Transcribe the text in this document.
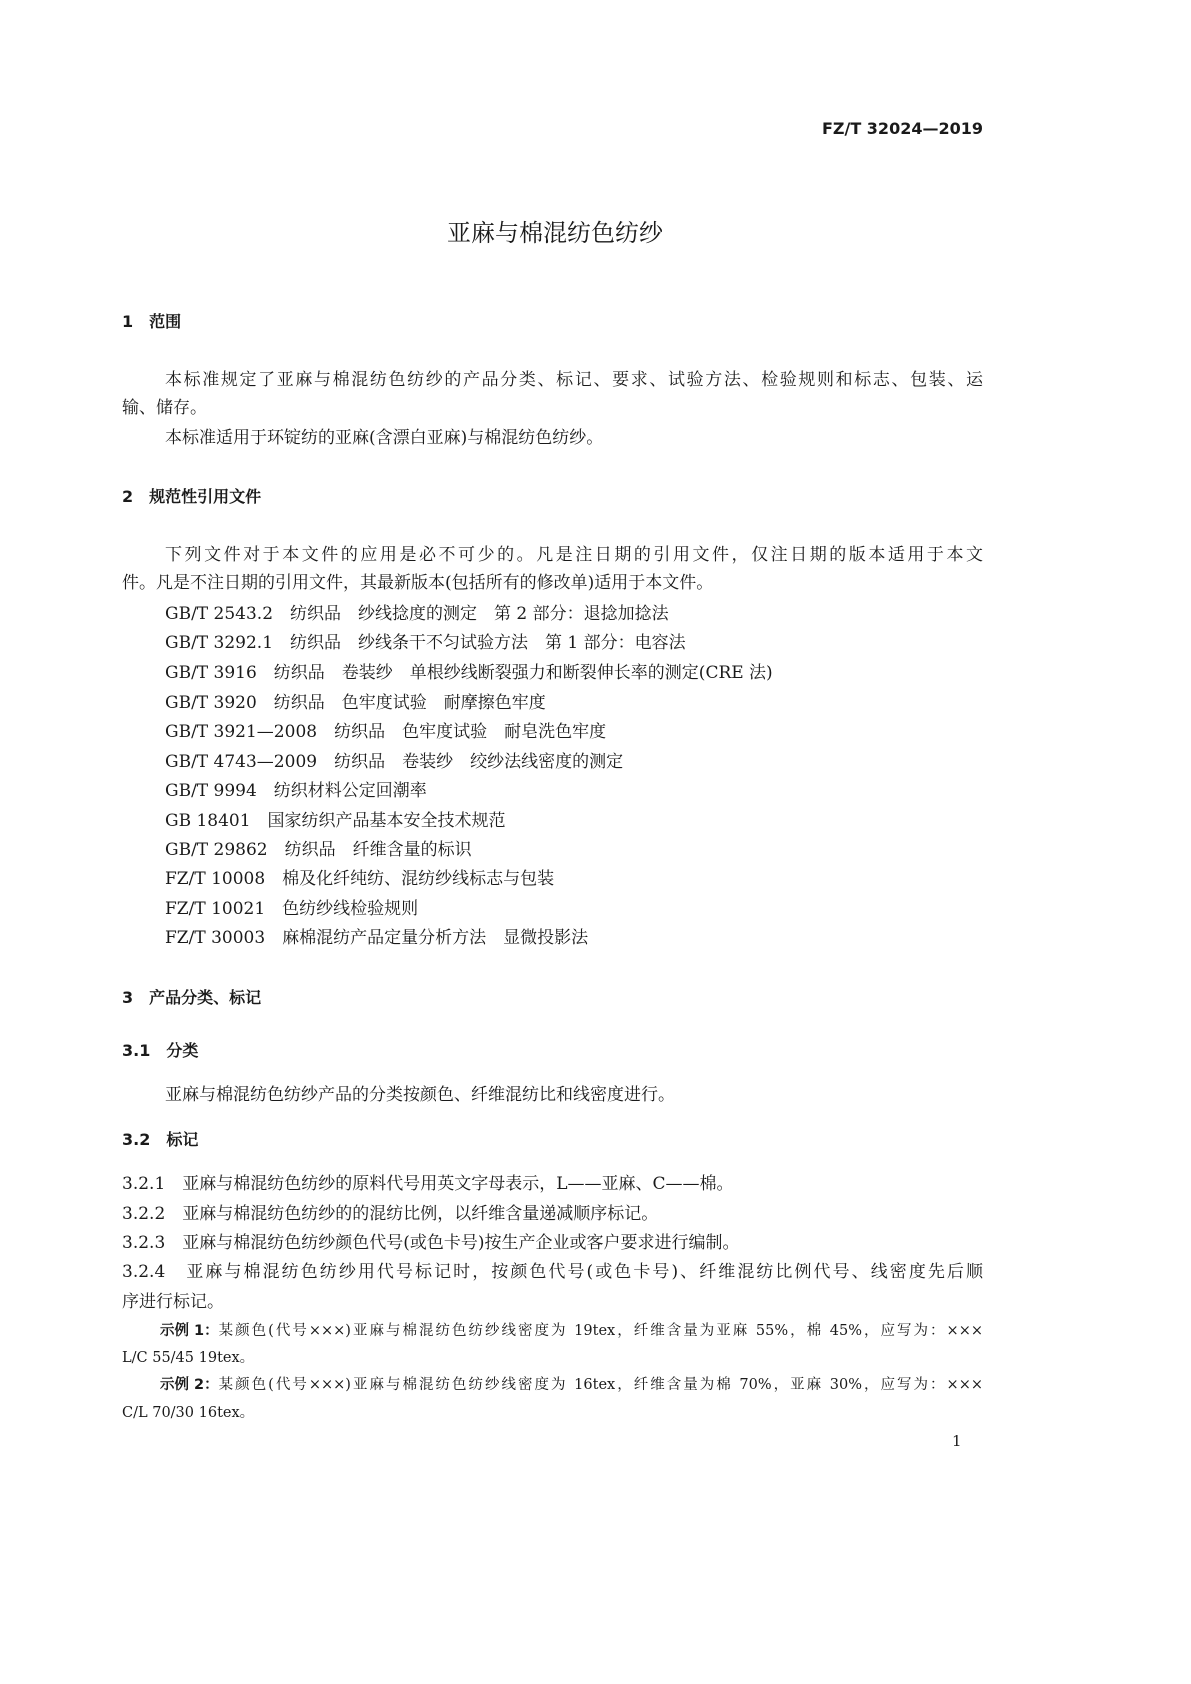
FZ/T 32024—2019
亚麻与棉混纺色纺纱
1　范围
本标准规定了亚麻与棉混纺色纺纱的产品分类、标记、要求、试验方法、检验规则和标志、包装、运
输、储存。
本标准适用于环锭纺的亚麻(含漂白亚麻)与棉混纺色纺纱。
2　规范性引用文件
下列文件对于本文件的应用是必不可少的。凡是注日期的引用文件，仅注日期的版本适用于本文
件。凡是不注日期的引用文件，其最新版本(包括所有的修改单)适用于本文件。
GB/T 2543.2　纺织品　纱线捻度的测定　第 2 部分：退捻加捻法
GB/T 3292.1　纺织品　纱线条干不匀试验方法　第 1 部分：电容法
GB/T 3916　纺织品　卷装纱　单根纱线断裂强力和断裂伸长率的测定(CRE 法)
GB/T 3920　纺织品　色牢度试验　耐摩擦色牢度
GB/T 3921—2008　纺织品　色牢度试验　耐皂洗色牢度
GB/T 4743—2009　纺织品　卷装纱　绞纱法线密度的测定
GB/T 9994　纺织材料公定回潮率
GB 18401　国家纺织产品基本安全技术规范
GB/T 29862　纺织品　纤维含量的标识
FZ/T 10008　棉及化纤纯纺、混纺纱线标志与包装
FZ/T 10021　色纺纱线检验规则
FZ/T 30003　麻棉混纺产品定量分析方法　显微投影法
3　产品分类、标记
3.1　分类
亚麻与棉混纺色纺纱产品的分类按颜色、纤维混纺比和线密度进行。
3.2　标记
3.2.1　亚麻与棉混纺色纺纱的原料代号用英文字母表示，L——亚麻、C——棉。
3.2.2　亚麻与棉混纺色纺纱的的混纺比例，以纤维含量递减顺序标记。
3.2.3　亚麻与棉混纺色纺纱颜色代号(或色卡号)按生产企业或客户要求进行编制。
3.2.4　亚麻与棉混纺色纺纱用代号标记时，按颜色代号(或色卡号)、纤维混纺比例代号、线密度先后顺
序进行标记。
示例 1： 某颜色(代号×××)亚麻与棉混纺色纺纱线密度为 19tex，纤维含量为亚麻 55%，棉 45%，应写为：×××
L/C 55/45 19tex。
示例 2： 某颜色(代号×××)亚麻与棉混纺色纺纱线密度为 16tex，纤维含量为棉 70%，亚麻 30%，应写为：×××
C/L 70/30 16tex。
1
